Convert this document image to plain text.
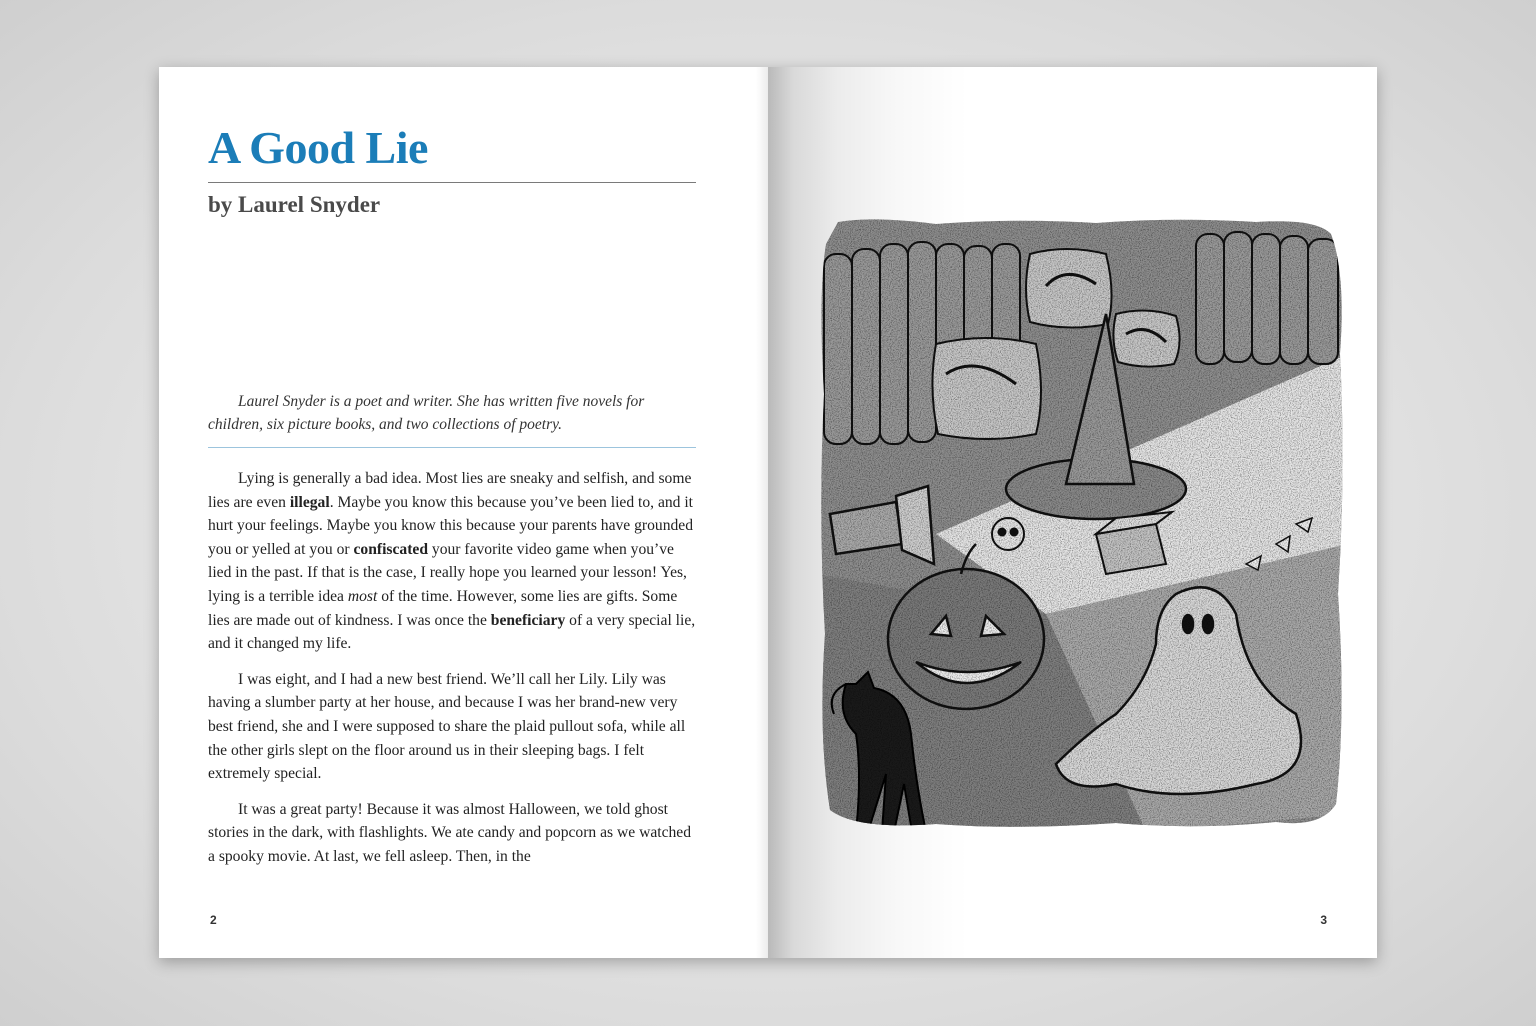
A Good Lie
by Laurel Snyder

Laurel Snyder is a poet and writer. She has written five novels for children, six picture books, and two collections of poetry.

Lying is generally a bad idea. Most lies are sneaky and selfish, and some lies are even illegal. Maybe you know this because you’ve been lied to, and it hurt your feelings. Maybe you know this because your parents have grounded you or yelled at you or confiscated your favorite video game when you’ve lied in the past. If that is the case, I really hope you learned your lesson! Yes, lying is a terrible idea most of the time. However, some lies are gifts. Some lies are made out of kindness. I was once the beneficiary of a very special lie, and it changed my life.

I was eight, and I had a new best friend. We’ll call her Lily. Lily was having a slumber party at her house, and because I was her brand-new very best friend, she and I were supposed to share the plaid pullout sofa, while all the other girls slept on the floor around us in their sleeping bags. I felt extremely special.

It was a great party! Because it was almost Halloween, we told ghost stories in the dark, with flashlights. We ate candy and popcorn as we watched a spooky movie. At last, we fell asleep. Then, in the

2	3
